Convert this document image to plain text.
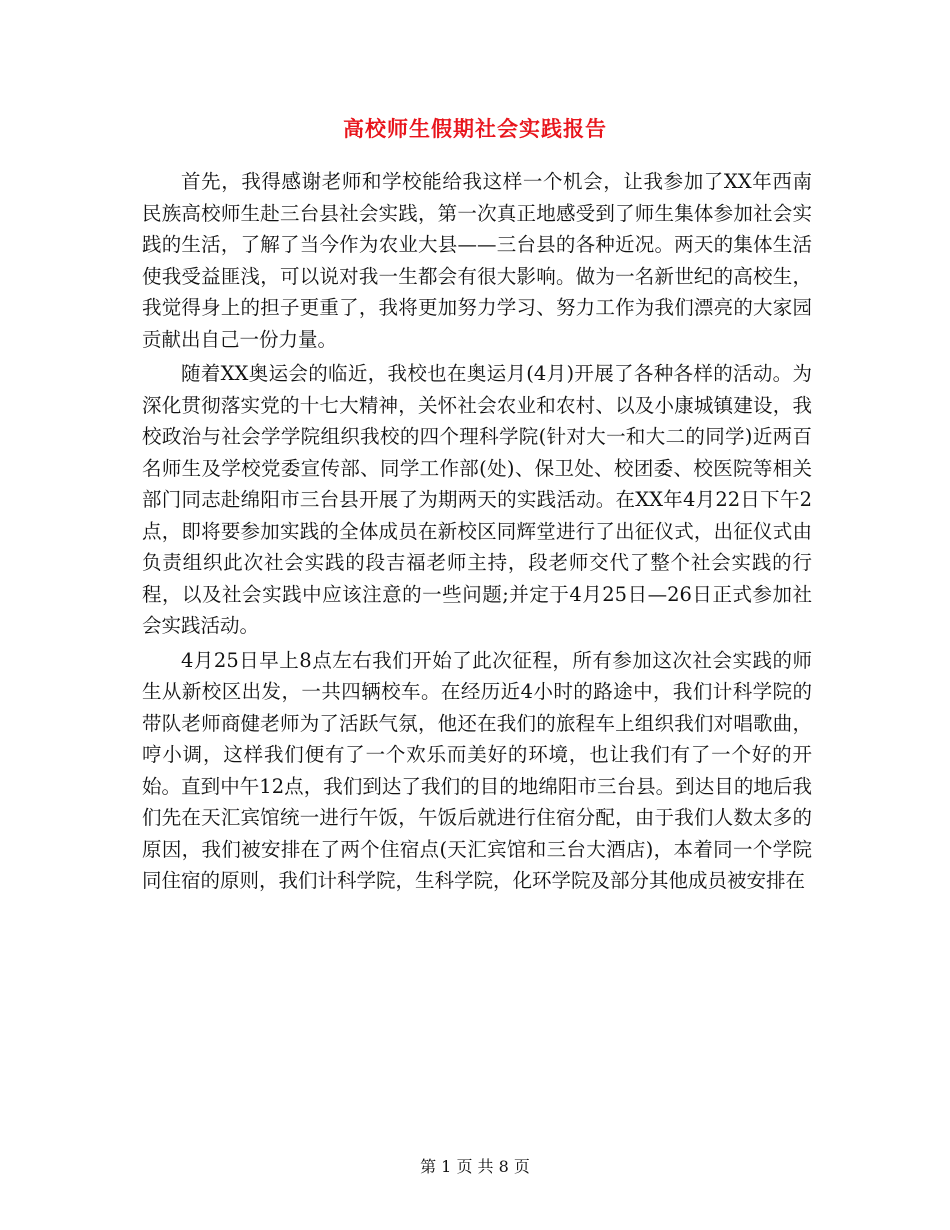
高校师生假期社会实践报告

首先，我得感谢老师和学校能给我这样一个机会，让我参加了XX年西南民族高校师生赴三台县社会实践，第一次真正地感受到了师生集体参加社会实践的生活，了解了当今作为农业大县——三台县的各种近况。两天的集体生活使我受益匪浅，可以说对我一生都会有很大影响。做为一名新世纪的高校生，我觉得身上的担子更重了，我将更加努力学习、努力工作为我们漂亮的大家园贡献出自己一份力量。

随着XX奥运会的临近，我校也在奥运月(4月)开展了各种各样的活动。为深化贯彻落实党的十七大精神，关怀社会农业和农村、以及小康城镇建设，我校政治与社会学学院组织我校的四个理科学院(针对大一和大二的同学)近两百名师生及学校党委宣传部、同学工作部(处)、保卫处、校团委、校医院等相关部门同志赴绵阳市三台县开展了为期两天的实践活动。在XX年4月22日下午2点，即将要参加实践的全体成员在新校区同辉堂进行了出征仪式，出征仪式由负责组织此次社会实践的段吉福老师主持，段老师交代了整个社会实践的行程，以及社会实践中应该注意的一些问题;并定于4月25日—26日正式参加社会实践活动。

4月25日早上8点左右我们开始了此次征程，所有参加这次社会实践的师生从新校区出发，一共四辆校车。在经历近4小时的路途中，我们计科学院的带队老师商健老师为了活跃气氛，他还在我们的旅程车上组织我们对唱歌曲，哼小调，这样我们便有了一个欢乐而美好的环境，也让我们有了一个好的开始。直到中午12点，我们到达了我们的目的地绵阳市三台县。到达目的地后我们先在天汇宾馆统一进行午饭，午饭后就进行住宿分配，由于我们人数太多的原因，我们被安排在了两个住宿点(天汇宾馆和三台大酒店)，本着同一个学院同住宿的原则，我们计科学院，生科学院，化环学院及部分其他成员被安排在

第 1 页 共 8 页
